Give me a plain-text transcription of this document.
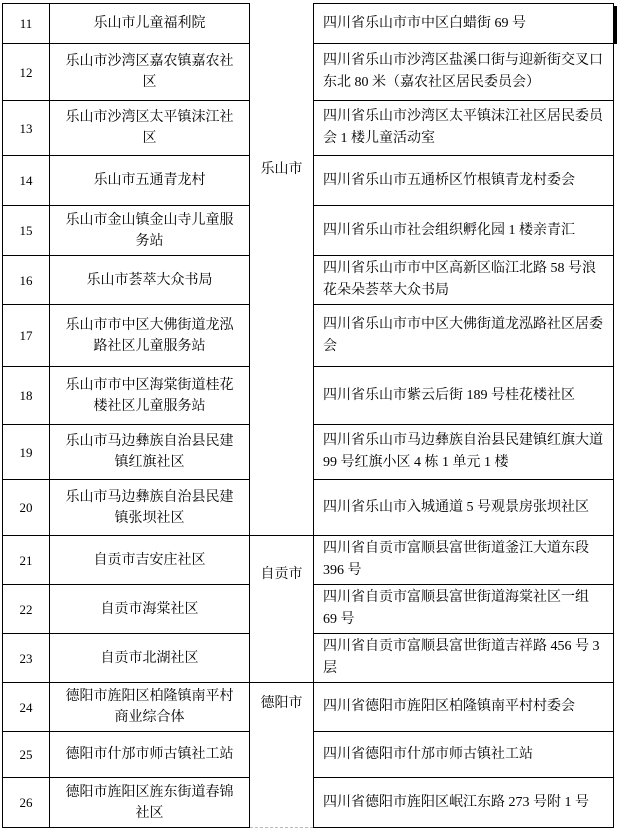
11	乐山市儿童福利院	乐山市	四川省乐山市市中区白蜡街 69 号
12	乐山市沙湾区嘉农镇嘉农社区		四川省乐山市沙湾区盐溪口街与迎新街交叉口东北 80 米（嘉农社区居民委员会）
13	乐山市沙湾区太平镇沫江社区		四川省乐山市沙湾区太平镇沫江社区居民委员会 1 楼儿童活动室
14	乐山市五通青龙村		四川省乐山市五通桥区竹根镇青龙村委会
15	乐山市金山镇金山寺儿童服务站		四川省乐山市社会组织孵化园 1 楼亲青汇
16	乐山市荟萃大众书局		四川省乐山市市中区高新区临江北路 58 号浪花朵朵荟萃大众书局
17	乐山市市中区大佛街道龙泓路社区儿童服务站		四川省乐山市市中区大佛街道龙泓路社区居委会
18	乐山市市中区海棠街道桂花楼社区儿童服务站		四川省乐山市紫云后街 189 号桂花楼社区
19	乐山市马边彝族自治县民建镇红旗社区		四川省乐山市马边彝族自治县民建镇红旗大道 99 号红旗小区 4 栋 1 单元 1 楼
20	乐山市马边彝族自治县民建镇张坝社区		四川省乐山市入城通道 5 号观景房张坝社区
21	自贡市吉安庄社区	自贡市	四川省自贡市富顺县富世街道釜江大道东段 396 号
22	自贡市海棠社区		四川省自贡市富顺县富世街道海棠社区一组 69 号
23	自贡市北湖社区		四川省自贡市富顺县富世街道吉祥路 456 号 3 层
24	德阳市旌阳区柏隆镇南平村商业综合体	德阳市	四川省德阳市旌阳区柏隆镇南平村村委会
25	德阳市什邡市师古镇社工站		四川省德阳市什邡市师古镇社工站
26	德阳市旌阳区旌东街道春锦社区		四川省德阳市旌阳区岷江东路 273 号附 1 号
